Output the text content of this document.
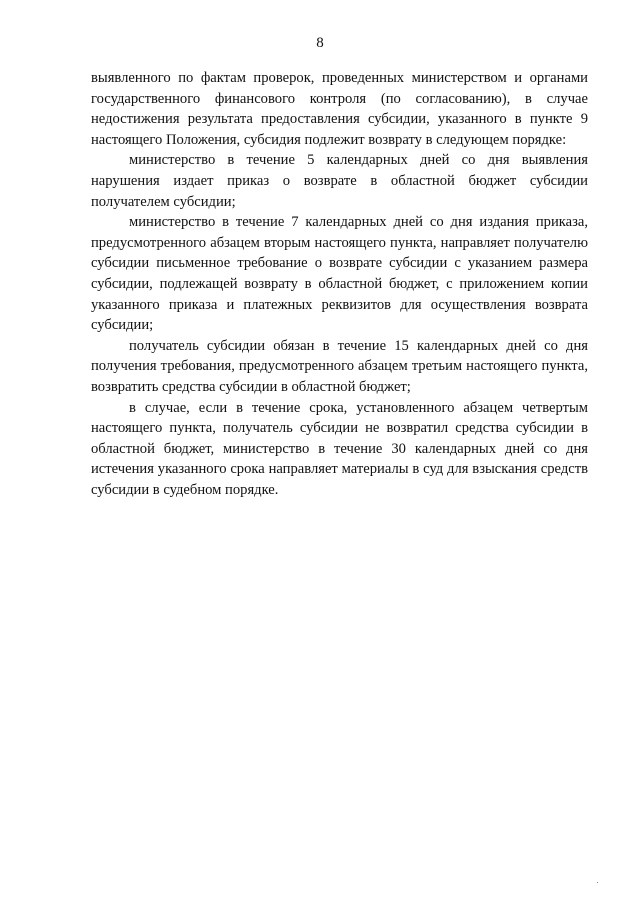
8

выявленного по фактам проверок, проведенных министерством и органами государственного финансового контроля (по согласованию), в случае недостижения результата предоставления субсидии, указанного в пункте 9 настоящего Положения, субсидия подлежит возврату в следующем порядке:

министерство в течение 5 календарных дней со дня выявления нарушения издает приказ о возврате в областной бюджет субсидии получателем субсидии;

министерство в течение 7 календарных дней со дня издания приказа, предусмотренного абзацем вторым настоящего пункта, направляет получателю субсидии письменное требование о возврате субсидии с указанием размера субсидии, подлежащей возврату в областной бюджет, с приложением копии указанного приказа и платежных реквизитов для осуществления возврата субсидии;

получатель субсидии обязан в течение 15 календарных дней со дня получения требования, предусмотренного абзацем третьим настоящего пункта, возвратить средства субсидии в областной бюджет;

в случае, если в течение срока, установленного абзацем четвертым настоящего пункта, получатель субсидии не возвратил средства субсидии в областной бюджет, министерство в течение 30 календарных дней со дня истечения указанного срока направляет материалы в суд для взыскания средств субсидии в судебном порядке.
